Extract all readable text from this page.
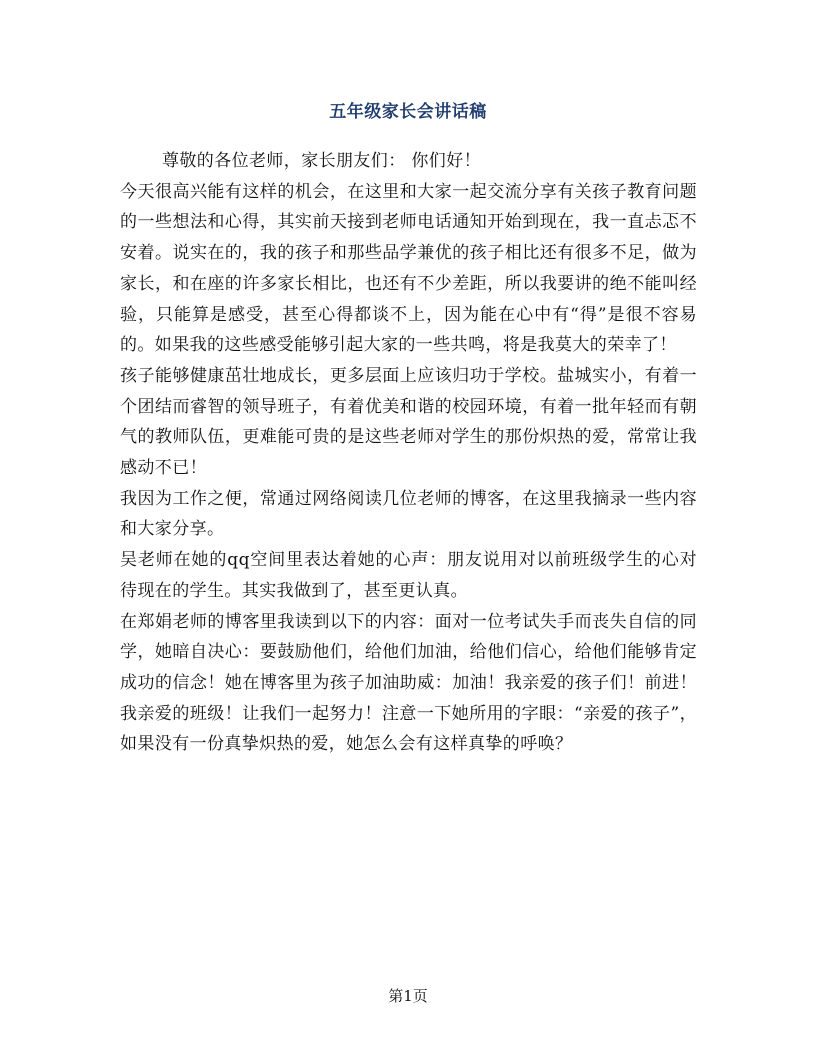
五年级家长会讲话稿

尊敬的各位老师，家长朋友们： 你们好！

今天很高兴能有这样的机会，在这里和大家一起交流分享有关孩子教育问题的一些想法和心得，其实前天接到老师电话通知开始到现在，我一直忐忑不安着。说实在的，我的孩子和那些品学兼优的孩子相比还有很多不足，做为家长，和在座的许多家长相比，也还有不少差距，所以我要讲的绝不能叫经验，只能算是感受，甚至心得都谈不上，因为能在心中有“得”是很不容易的。如果我的这些感受能够引起大家的一些共鸣，将是我莫大的荣幸了！

孩子能够健康茁壮地成长，更多层面上应该归功于学校。盐城实小，有着一个团结而睿智的领导班子，有着优美和谐的校园环境，有着一批年轻而有朝气的教师队伍，更难能可贵的是这些老师对学生的那份炽热的爱，常常让我感动不已！

我因为工作之便，常通过网络阅读几位老师的博客，在这里我摘录一些内容和大家分享。

吴老师在她的qq空间里表达着她的心声：朋友说用对以前班级学生的心对待现在的学生。其实我做到了，甚至更认真。

在郑娟老师的博客里我读到以下的内容：面对一位考试失手而丧失自信的同学，她暗自决心：要鼓励他们，给他们加油，给他们信心，给他们能够肯定成功的信念！她在博客里为孩子加油助威：加油！我亲爱的孩子们！前进！我亲爱的班级！让我们一起努力！注意一下她所用的字眼：“亲爱的孩子”，如果没有一份真挚炽热的爱，她怎么会有这样真挚的呼唤？

第1页
